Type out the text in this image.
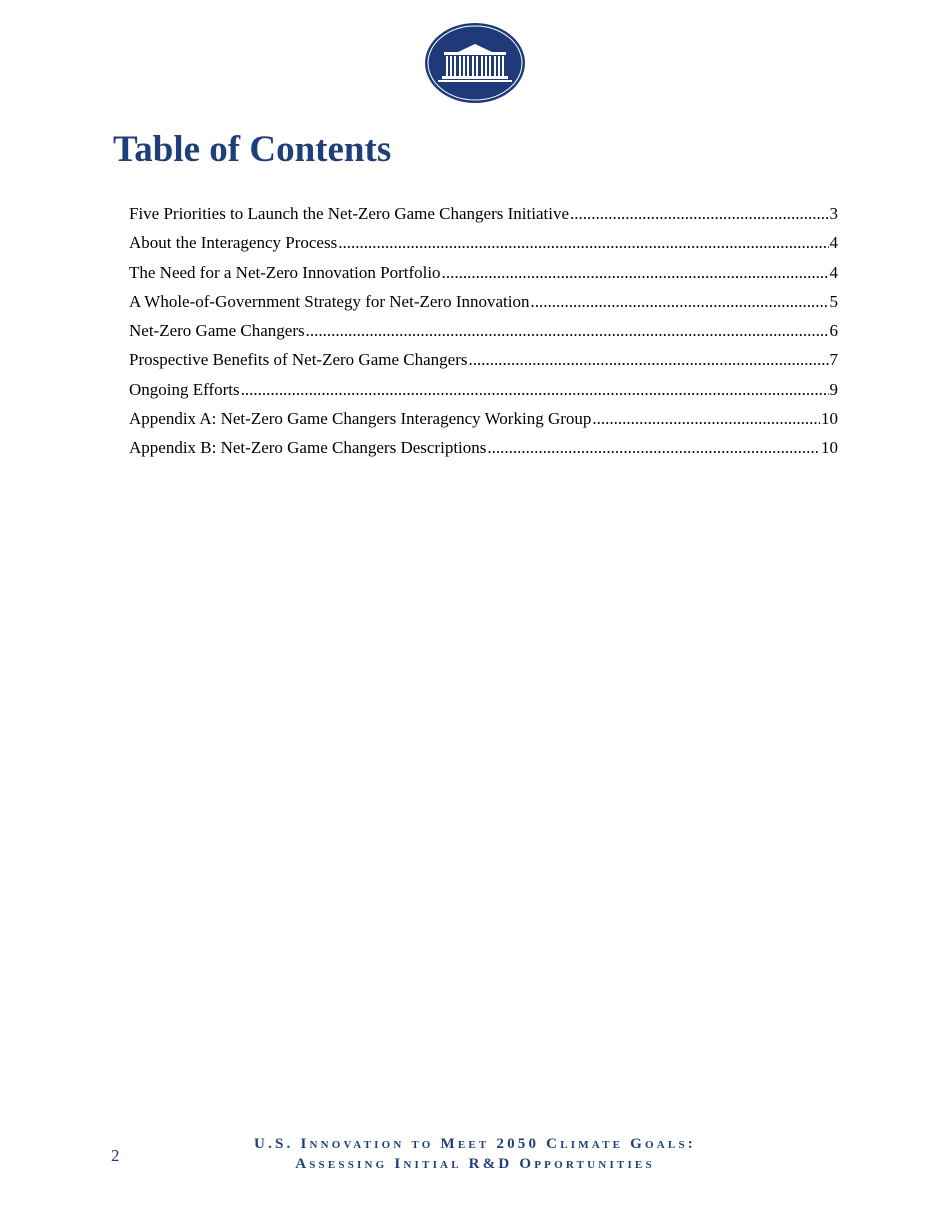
Table of Contents
Five Priorities to Launch the Net-Zero Game Changers Initiative .....	3
About the Interagency Process .....	4
The Need for a Net-Zero Innovation Portfolio .....	4
A Whole-of-Government Strategy for Net-Zero Innovation .....	5
Net-Zero Game Changers .....	6
Prospective Benefits of Net-Zero Game Changers .....	7
Ongoing Efforts .....	9
Appendix A: Net-Zero Game Changers Interagency Working Group .....	10
Appendix B: Net-Zero Game Changers Descriptions .....	10
2
U.S. Innovation to Meet 2050 Climate Goals:
Assessing Initial R&D Opportunities
